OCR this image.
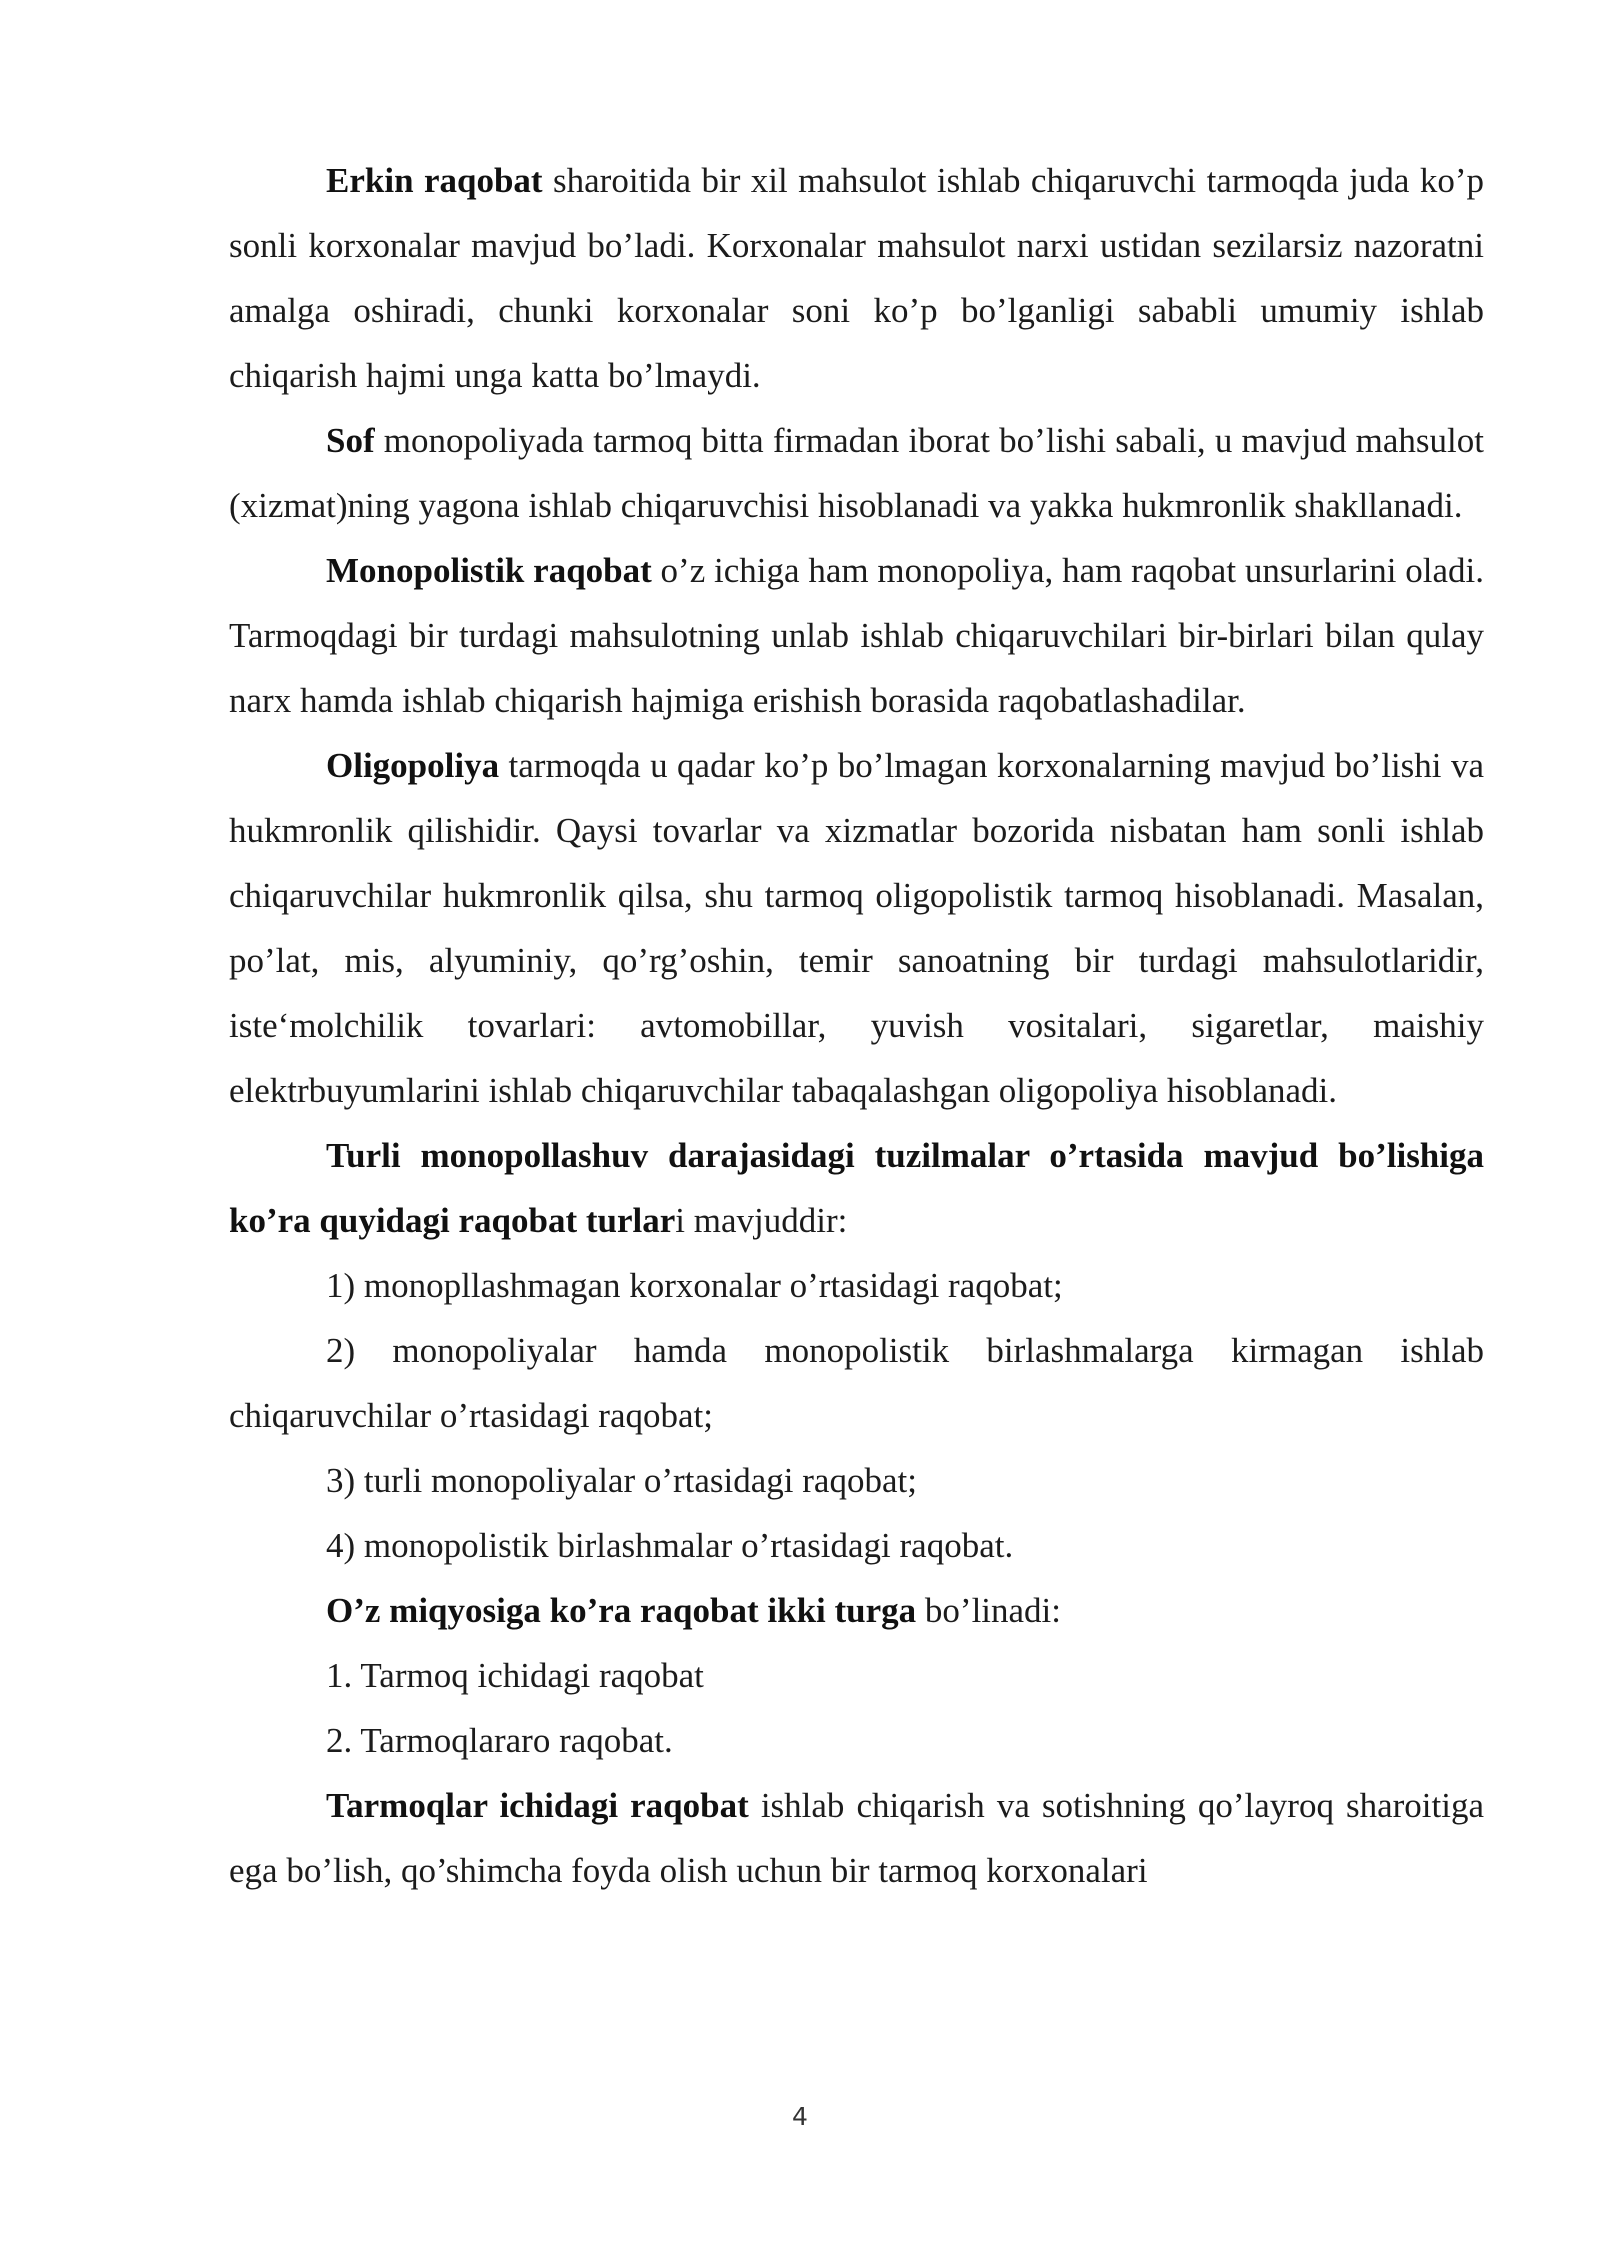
Erkin raqobat sharoitida bir xil mahsulot ishlab chiqaruvchi tarmoqda juda ko’p sonli korxonalar mavjud bo’ladi. Korxonalar mahsulot narxi ustidan sezilarsiz nazoratni amalga oshiradi, chunki korxonalar soni ko’p bo’lganligi sababli umumiy ishlab chiqarish hajmi unga katta bo’lmaydi.

Sof monopoliyada tarmoq bitta firmadan iborat bo’lishi sabali, u mavjud mahsulot (xizmat)ning yagona ishlab chiqaruvchisi hisoblanadi va yakka hukmronlik shakllanadi.

Monopolistik raqobat o’z ichiga ham monopoliya, ham raqobat unsurlarini oladi. Tarmoqdagi bir turdagi mahsulotning unlab ishlab chiqaruvchilari bir-birlari bilan qulay narx hamda ishlab chiqarish hajmiga erishish borasida raqobatlashadilar.

Oligopoliya tarmoqda u qadar ko’p bo’lmagan korxonalarning mavjud bo’lishi va hukmronlik qilishidir. Qaysi tovarlar va xizmatlar bozorida nisbatan ham sonli ishlab chiqaruvchilar hukmronlik qilsa, shu tarmoq oligopolistik tarmoq hisoblanadi. Masalan, po’lat, mis, alyuminiy, qo’rg’oshin, temir sanoatning bir turdagi mahsulotlaridir, iste‘molchilik tovarlari: avtomobillar, yuvish vositalari, sigaretlar, maishiy elektrbuyumlarini ishlab chiqaruvchilar tabaqalashgan oligopoliya hisoblanadi.

Turli monopollashuv darajasidagi tuzilmalar o’rtasida mavjud bo’lishiga ko’ra quyidagi raqobat turlari mavjuddir:

1) monopllashmagan korxonalar o’rtasidagi raqobat;

2) monopoliyalar hamda monopolistik birlashmalarga kirmagan ishlab chiqaruvchilar o’rtasidagi raqobat;

3) turli monopoliyalar o’rtasidagi raqobat;

4) monopolistik birlashmalar o’rtasidagi raqobat.

O’z miqyosiga ko’ra raqobat ikki turga bo’linadi:

1. Tarmoq ichidagi raqobat

2. Tarmoqlararo raqobat.

Tarmoqlar ichidagi raqobat ishlab chiqarish va sotishning qo’layroq sharoitiga ega bo’lish, qo’shimcha foyda olish uchun bir tarmoq korxonalari

4
